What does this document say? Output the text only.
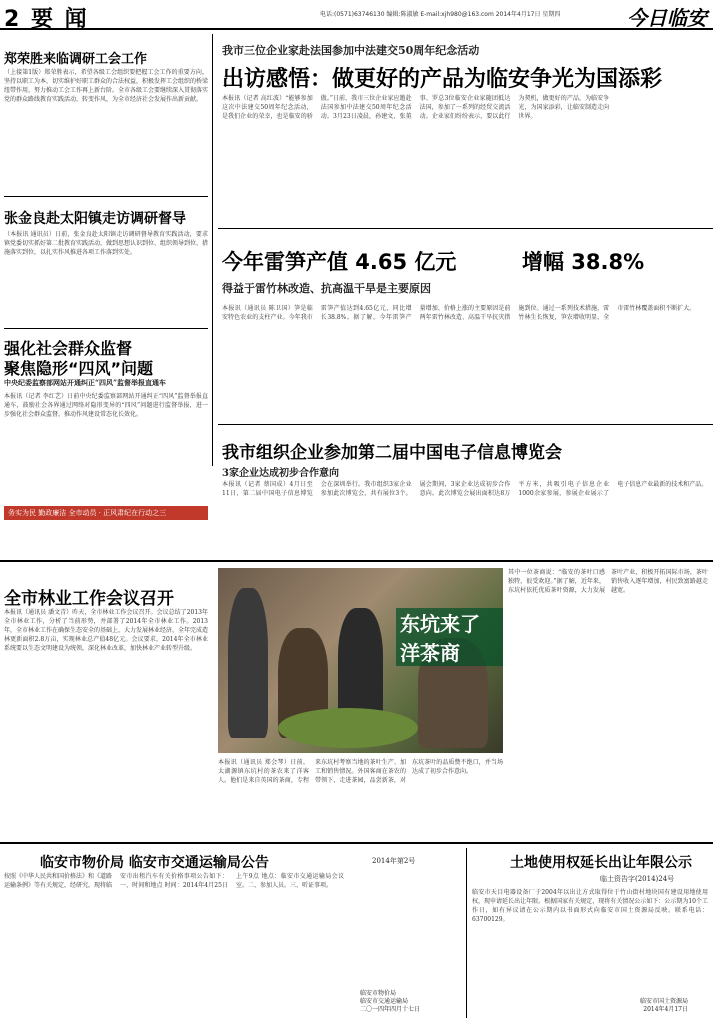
2 要 闻	电话:(0571)63746130 编辑:陈淑敏 E-mail:xjh980@163.com 2014年4月17日 星期四	今日临安
郑荣胜来临调研工会工作
（上接第1版）郑荣胜表示，希望各级工会组织要把握工会工作的重要方向，坚持以职工为本，切实维护好职工群众的合法权益，积极发挥工会组织的桥梁纽带作用，努力推动工会工作再上新台阶。全市各级工会要继续深入贯彻落实党的群众路线教育实践活动，转变作风，为全市经济社会发展作出新贡献。
张金良赴太阳镇走访调研督导
（本报讯 通讯员）日前，张金良赴太阳镇走访调研督导教育实践活动，要求镇党委切实抓好第二批教育实践活动，做到思想认识到位、组织领导到位、措施落实到位，以扎实作风推进各项工作落到实处。
强化社会群众监督
聚焦隐形“四风”问题
中央纪委监察部网站开通纠正“四风”监督举报直通车
本报讯（记者 李红艺）日前中央纪委监察部网站开通纠正“四风”监督举报直通车，鼓励社会各界通过网络对隐形变异的“四风”问题进行监督举报，进一步强化社会群众监督，推动作风建设常态化长效化。
务实为民 勤政廉洁 全市动员 · 正风肃纪在行动之三
全市林业工作会议召开
本报讯（通讯员 潘文青）昨天，全市林业工作会议召开。会议总结了2013年全市林业工作，分析了当前形势，并部署了2014年全市林业工作。2013年，全市林业工作在确保生态安全的基础上，大力发展林业经济，全年完成造林更新面积2.8万亩，实现林业总产值48亿元。会议要求，2014年全市林业系统要以生态文明建设为统领，深化林业改革，加快林业产业转型升级。
我市三位企业家赴法国参加中法建交50周年纪念活动
出访感悟：做更好的产品为临安争光为国添彩
本报讯（记者 高红波）“能够参加这次中法建交50周年纪念活动，是我们企业的荣幸，也是临安的骄傲。”日前，我市三位企业家应邀赴法国参加中法建交50周年纪念活动。3月23日凌晨，孙建文、张董事、罗总3位临安企业家随团抵达法国，参加了一系列的经贸交流活动。企业家们纷纷表示，要以此行为契机，做更好的产品，为临安争光，为国家添彩，让临安制造走向世界。
今年雷笋产值 4.65 亿元	增幅 38.8%
得益于雷竹林改造、抗高温干旱是主要原因
本报讯（通讯员 陈卫国）笋是临安特色农业的支柱产业。今年我市雷笋产值达到4.65亿元，同比增长38.8%。据了解，今年雷笋产量增加、价格上涨的主要原因是前两年雷竹林改造、高温干旱抗灾措施到位。通过一系列技术措施，雷竹林生长恢复，笋农增收明显，全市雷竹林覆盖面积不断扩大。
我市组织企业参加第二届中国电子信息博览会
3家企业达成初步合作意向
本报讯（记者 蔡国成）4月日至11日，第二届中国电子信息博览会在深圳举行。我市组织3家企业参加此次博览会，共有展位3个。展会期间，3家企业达成初步合作意向。此次博览会展出面积达8万平方米，共吸引电子信息企业1000余家参展，参展企业展示了电子信息产业最新的技术和产品。
东坑来了洋茶商
本报讯（通讯员 郑会琴）日前，太湖源镇东坑村的茶农来了洋客人。他们是来自英国的茶商，专程来东坑村考察当地的茶叶生产、加工和销售情况。外国客商在茶农的带领下，走进茶园，品尝新茶，对东坑茶叶的品质赞不绝口，并当场达成了初步合作意向。
其中一位茶商说：“临安的茶叶口感独特，很受欢迎。”据了解，近年来，东坑村依托优质茶叶资源，大力发展茶叶产业，积极开拓国际市场，茶叶销售收入逐年增加，村民致富路越走越宽。
临安市物价局 临安市交通运输局公告	2014年第2号
按照《中华人民共和国价格法》和《道路运输条例》等有关规定，经研究，现将临安市出租汽车有关价格事项公告如下：一、时间和地点 时间：2014年4月25日上午9点 地点：临安市交通运输局会议室。二、参加人员。三、听证事项。
临安市物价局
临安市交通运输局
二〇一四年四月十七日
土地使用权延长出让年限公示
临土资告字(2014)24号
临安市天目电器设备厂于2004年以出让方式取得位于竹山街村地块国有建设用地使用权，现申请延长出让年限。根据国家有关规定，现将有关情况公示如下：公示期为10个工作日，如有异议请在公示期内以书面形式向临安市国土资源局反映。联系电话：63700129。
临安市国土资源局
2014年4月17日
